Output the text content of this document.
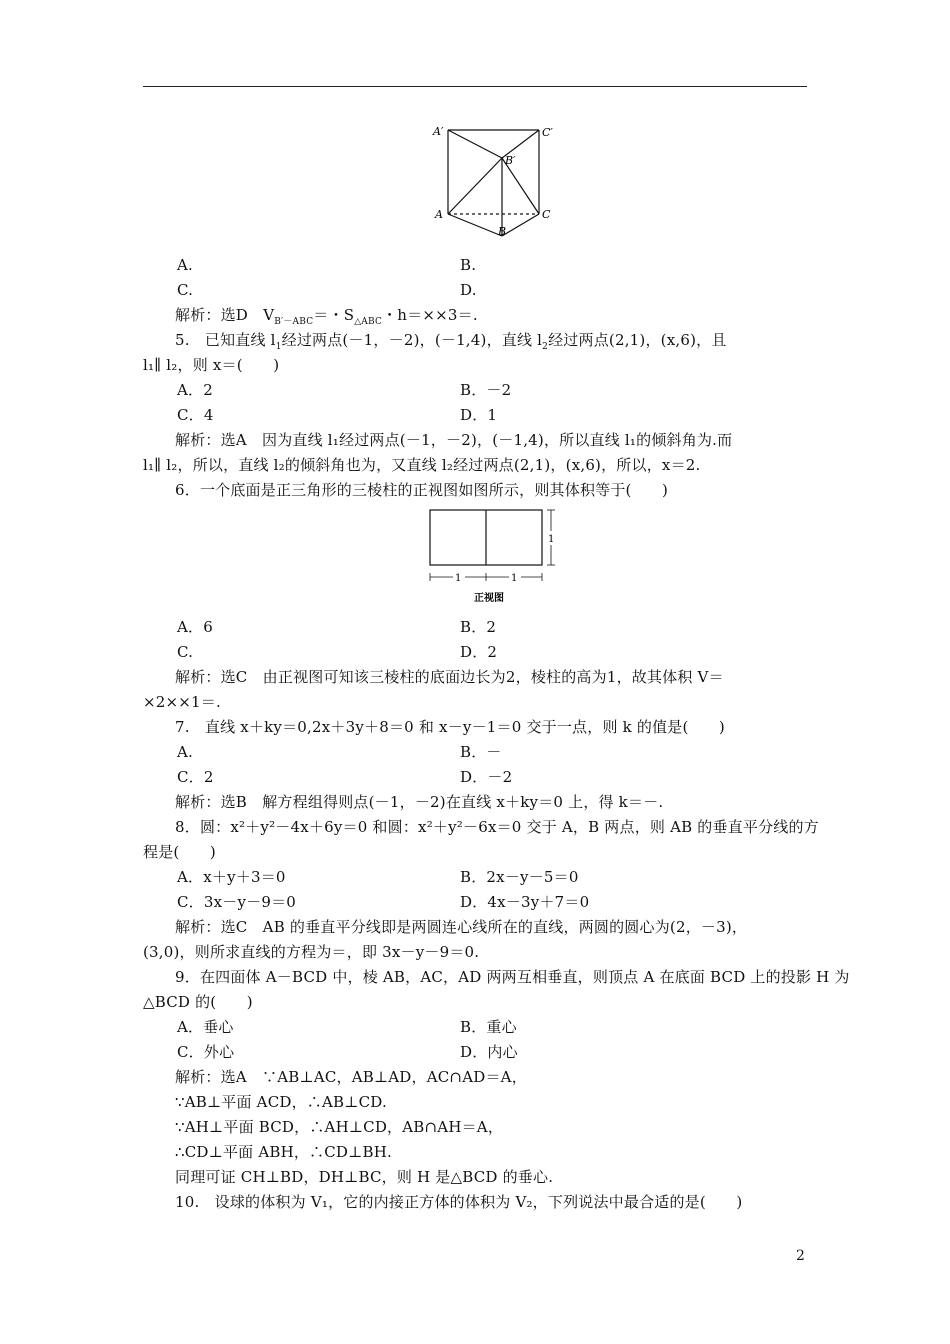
A′	C′
B′
A	C
B
1
1	1
正视图
A.	B.
C.	D.
解析：选D　$V_{B'-ABC}=$・$S_{\triangle ABC}$・h＝××3＝.
5.　已知直线 $l_1$经过两点(－1，－2)，(－1,4)，直线 $l_2$经过两点(2,1)，(x,6)，且
l₁∥ l₂，则 x＝(　　)
A．2	B．－2
C．4	D．1
解析：选A　因为直线 l₁经过两点(－1，－2)，(－1,4)，所以直线 l₁的倾斜角为.而
l₁∥ l₂，所以，直线 l₂的倾斜角也为，又直线 l₂经过两点(2,1)，(x,6)，所以，x＝2.
6．一个底面是正三角形的三棱柱的正视图如图所示，则其体积等于(　　)
A．6	B．2
C.	D．2
解析：选C　由正视图可知该三棱柱的底面边长为2，棱柱的高为1，故其体积 V＝
×2××1＝.
7.　直线 x＋ky＝0,2x＋3y＋8＝0 和 x－y－1＝0 交于一点，则 k 的值是(　　)
A.	B．－
C．2	D．－2
解析：选B　解方程组得则点(－1，－2)在直线 x＋ky＝0 上，得 k＝－.
8．圆：x²＋y²－4x＋6y＝0 和圆：x²＋y²－6x＝0 交于 A，B 两点，则 AB 的垂直平分线的方
程是(　　)
A．x＋y＋3＝0	B．2x－y－5＝0
C．3x－y－9＝0	D．4x－3y＋7＝0
解析：选C　AB 的垂直平分线即是两圆连心线所在的直线，两圆的圆心为(2，－3)，
(3,0)，则所求直线的方程为＝，即 3x－y－9＝0.
9．在四面体 A－BCD 中，棱 AB，AC，AD 两两互相垂直，则顶点 A 在底面 BCD 上的投影 H 为
△BCD 的(　　)
A．垂心	B．重心
C．外心	D．内心
解析：选A　∵AB⊥AC，AB⊥AD，AC∩AD＝A，
∵AB⊥平面 ACD，∴AB⊥CD.
∵AH⊥平面 BCD，∴AH⊥CD，AB∩AH＝A，
∴CD⊥平面 ABH，∴CD⊥BH.
同理可证 CH⊥BD，DH⊥BC，则 H 是△BCD 的垂心.
10.　设球的体积为 V₁，它的内接正方体的体积为 V₂，下列说法中最合适的是(　　)
2
